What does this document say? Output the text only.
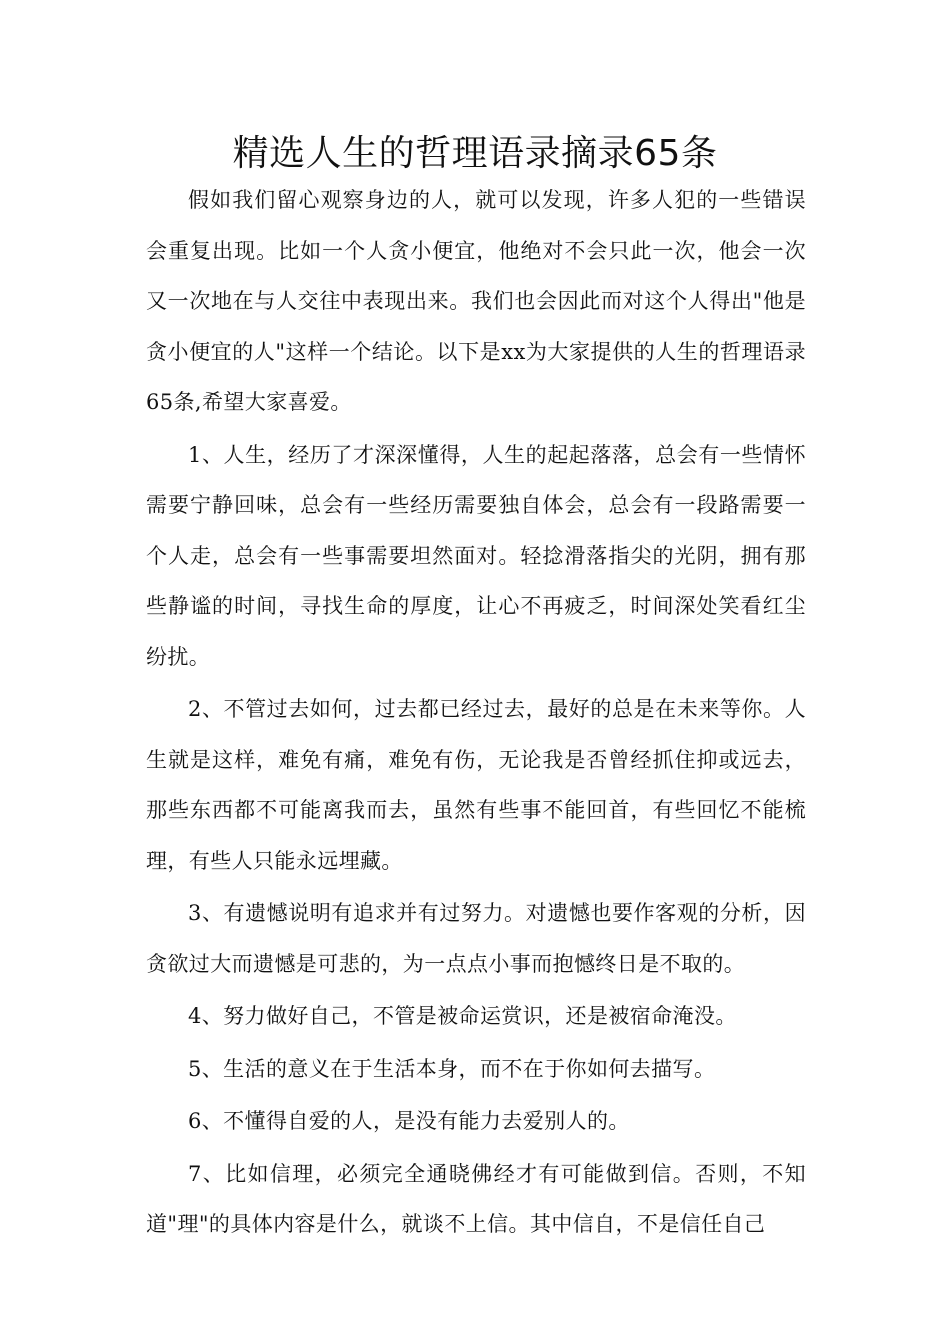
精选人生的哲理语录摘录65条

假如我们留心观察身边的人，就可以发现，许多人犯的一些错误会重复出现。比如一个人贪小便宜，他绝对不会只此一次，他会一次又一次地在与人交往中表现出来。我们也会因此而对这个人得出"他是贪小便宜的人"这样一个结论。以下是xx为大家提供的人生的哲理语录65条,希望大家喜爱。

1、人生，经历了才深深懂得，人生的起起落落，总会有一些情怀需要宁静回味，总会有一些经历需要独自体会，总会有一段路需要一个人走，总会有一些事需要坦然面对。轻捻滑落指尖的光阴，拥有那些静谧的时间，寻找生命的厚度，让心不再疲乏，时间深处笑看红尘纷扰。

2、不管过去如何，过去都已经过去，最好的总是在未来等你。人生就是这样，难免有痛，难免有伤，无论我是否曾经抓住抑或远去，那些东西都不可能离我而去，虽然有些事不能回首，有些回忆不能梳理，有些人只能永远埋藏。

3、有遗憾说明有追求并有过努力。对遗憾也要作客观的分析，因贪欲过大而遗憾是可悲的，为一点点小事而抱憾终日是不取的。

4、努力做好自己，不管是被命运赏识，还是被宿命淹没。

5、生活的意义在于生活本身，而不在于你如何去描写。

6、不懂得自爱的人，是没有能力去爱别人的。

7、比如信理，必须完全通晓佛经才有可能做到信。否则，不知道"理"的具体内容是什么，就谈不上信。其中信自，不是信任自己
